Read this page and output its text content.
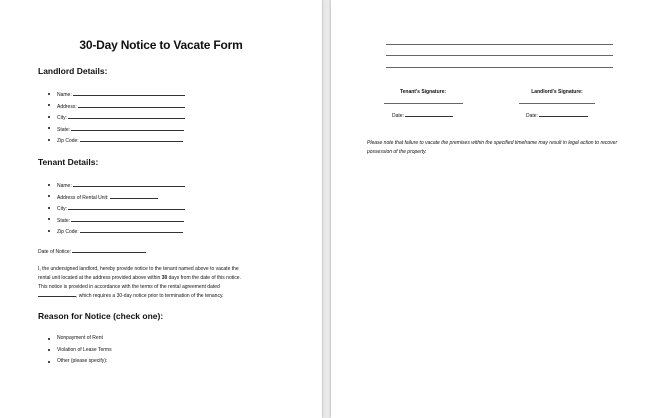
30-Day Notice to Vacate Form
Landlord Details:
Name:
Address:
City:
State:
Zip Code:
Tenant Details:
Name:
Address of Rental Unit:
City:
State:
Zip Code:
Date of Notice:
I, the undersigned landlord, hereby provide notice to the tenant named above to vacate the
rental unit located at the address provided above within 30 days from the date of this notice.
This notice is provided in accordance with the terms of the rental agreement dated
, which requires a 30-day notice prior to termination of the tenancy.
Reason for Notice (check one):
Nonpayment of Rent
Violation of Lease Terms
Other (please specify):
Tenant's Signature:
Date:
Landlord's Signature:
Date:
Please note that failure to vacate the premises within the specified timeframe may result in legal action to recover possession of the property.
